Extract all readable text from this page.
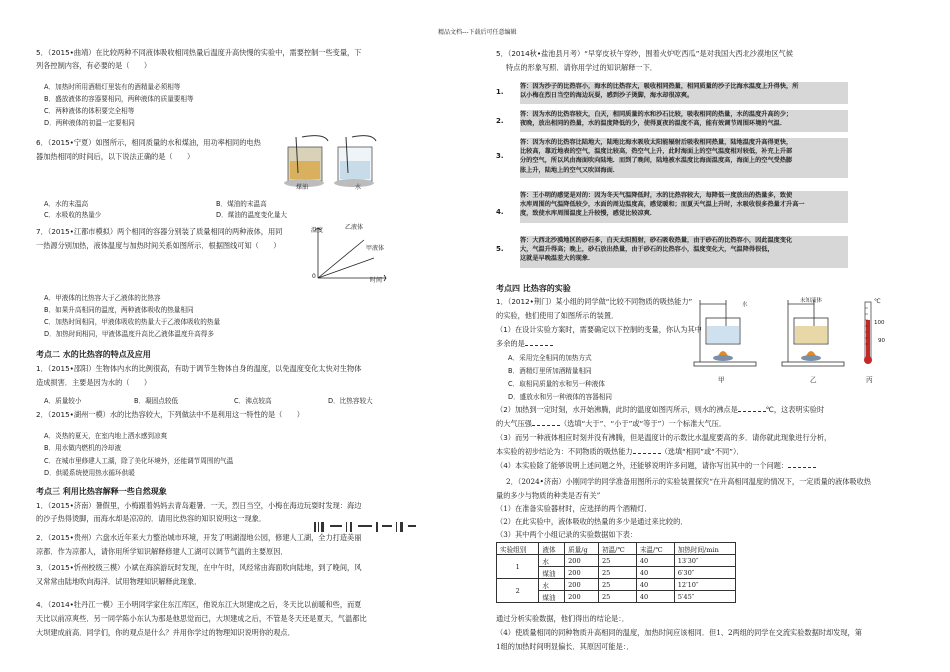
精品文档---下载后可任意编辑
5．（2015•曲靖）在比较两种不同液体吸收相同热量后温度升高快慢的实验中，需要控制一些变量，下
列各控制内容，有必要的是（　　）
A．加热时所用酒精灯里装有的酒精量必须相等
B．盛放液体的容器要相同，两种液体的质量要相等
C．两种液体的体积要完全相等
D．两种液体的初温一定要相同
6．（2015•宁夏）如图所示，相同质量的水和煤油，用功率相同的电热
器加热相同的时间后，以下说法正确的是（　　）
煤油	水
A．水的末温高	B．煤油的末温高
C．水吸收的热量少	D．煤油的温度变化量大
7．（2015•江都市模拟）两个相同的容器分别装了质量相同的两种液体，用同
一热源分别加热，液体温度与加热时间关系如图所示．根据图线可知（　　）
温度	乙液体
甲液体
0
时间
A．甲液体的比热容大于乙液体的比热容
B．如果升高相同的温度，两种液体吸收的热量相同
C．加热时间相同，甲液体吸收的热量大于乙液体吸收的热量
D．加热时间相同，甲液体温度升高比乙液体温度升高得多
考点二 水的比热容的特点及应用
1．（2015•邵阳）生物体内水的比例很高，有助于调节生物体自身的温度，以免温度变化太快对生物体
造成损害．主要是因为水的（　　）
A．质量较小	B．凝固点较低	C．沸点较高	D．比热容较大
2．（2015•湖州一模）水的比热容较大，下列做法中不是利用这一特性的是（　　）
A．炎热的夏天，在室内地上洒水感到凉爽
B．用水做内燃机的冷却液
C．在城市里修建人工湖，除了美化环境外，还能调节周围的气温
D．供暖系统使用热水循环供暖
考点三 利用比热容解释一些自然现象
1．（2015•济南）暑假里，小梅跟着妈妈去青岛避暑．一天，烈日当空，小梅在海边玩耍时发现：海边
的沙子热得烫脚，而海水却是凉凉的．请用比热容的知识说明这一现象．
2．（2015•贵州）六盘水近年来大力整治城市环境，开发了明湖湿地公园，修建人工湖，全力打造美丽
凉都．作为凉都人，请你用所学知识解释修建人工湖可以调节气温的主要原因．
3．（2015•忻州校级三模）小斌在海滨游玩时发现，在中午时，风经常由海面吹向陆地，到了晚间，风
又常常由陆地吹向海洋．试用物理知识解释此现象．
4．（2014•牡丹江一模）王小明同学家住东江库区，他说东江大坝建成之后，冬天比以前暖和些，而夏
天比以前凉爽些．另一同学陈小东认为那是他思觉而已，大坝建成之后，不管是冬天还是夏天，气温都比
大坝建成前高．同学们，你的观点是什么？并用你学过的物理知识说明你的观点．
5．（2014秋•盐池县月考）“早穿皮袄午穿纱，围着火炉吃西瓜”是对我国大西北沙漠地区气候
特点的形象写照．请你用学过的知识解释一下．
1.
答：因为沙子的比热容小，海水的比热容大，吸收相同热量，相同质量的沙子比海水温度上升得快，所
以小梅在烈日当空的海边玩耍，感到沙子烫脚，海水却很凉爽。
2.
答：因为水的比热容较大，白天，相同质量的水和沙石比较，吸收相同的热量，水的温度升高的少；
夜晚，放出相同的热量，水的温度降低的少，使得夏夜的温度不高，能有效调节周围环境的气温．
3.
答：因为水的比热容比陆地大，陆地比海水吸收太阳能辐射后吸收相同热量，陆地温度升高得更快，
比较高，靠近地表的空气，温度比较高，热空气上升，此时海面上的空气温度相对较低，补充上升部
分的空气，所以风由海面吹向陆地．而到了晚间，陆地被水温度比海面温度高，海面上的空气受热膨
胀上升，陆地上的空气又吹回海面．
4.
答：王小明的感觉是对的：因为冬天气温降低时，水的比热容较大，每降低一度放出的热量多，致使
水库周围的气温降低较少，水面的周边温度高，感觉暖和；而夏天气温上升时，水吸收很多热量才升高一
度，致使水库周围温度上升较慢，感觉比较凉爽．
5.
答：大西北沙漠地区的砂石多，白天太阳照射，砂石吸收热量，由于砂石的比热容小，因此温度变化
大，气温升得高；晚上，砂石放出热量，由于砂石的比热容小，温度变化大，气温降得很低，
这就是早晚温差大的现象．
考点四 比热容的实验
1．（2012•荆门）某小组的同学做“比较不同物质的吸热能力”
的实验，他们使用了如图所示的装置．
（1）在设计实验方案时，需要确定以下控制的变量，你认为其中
多余的是
A．采用完全相同的加热方式
B．酒精灯里所加酒精量相同
C．取相同质量的水和另一种液体
D．盛放水和另一种液体的容器相同
水
未知液体	℃
100
90
甲	乙	丙
（2）加热到一定时刻，水开始沸腾，此时的温度如图丙所示，则水的沸点是	℃，这表明实验时
的大气压强	（选填“大于”、“小于”或“等于”）一个标准大气压．
（3）而另一种液体相应时刻并没有沸腾，但是温度计的示数比水温度要高的多．请你就此现象进行分析，
本实验的初步结论为：不同物质的吸热能力	（选填“相同”或“不同”）．
（4）本实验除了能够说明上述问题之外，还能够说明许多问题，请你写出其中的一个问题：
2．（2024•济南）小刚同学的同学准备用图所示的实验装置探究“在升高相同温度的情况下，一定质量的液体吸收热
量的多少与物质的种类是否有关”
（1）在准备实验器材时，应选择的两个酒精灯．
（2）在此实验中，液体吸收的热量的多少是通过来比较的．
（3）其中两个小组记录的实验数据如下表：
实验组别	液体	质量/g	初温/℃	末温/℃	加热时间/min
1	水	200	25	40	13′30″
	煤油	200	25	40	6′30″
2	水	200	25	40	12′10″
	煤油	200	25	40	5′45″
通过分析实验数据，他们得出的结论是：．
（4）使质量相同的同种物质升高相同的温度，加热时间应该相同．但1、2两组的同学在交流实验数据时却发现，第
1组的加热时间明显偏长．其原因可能是：．
